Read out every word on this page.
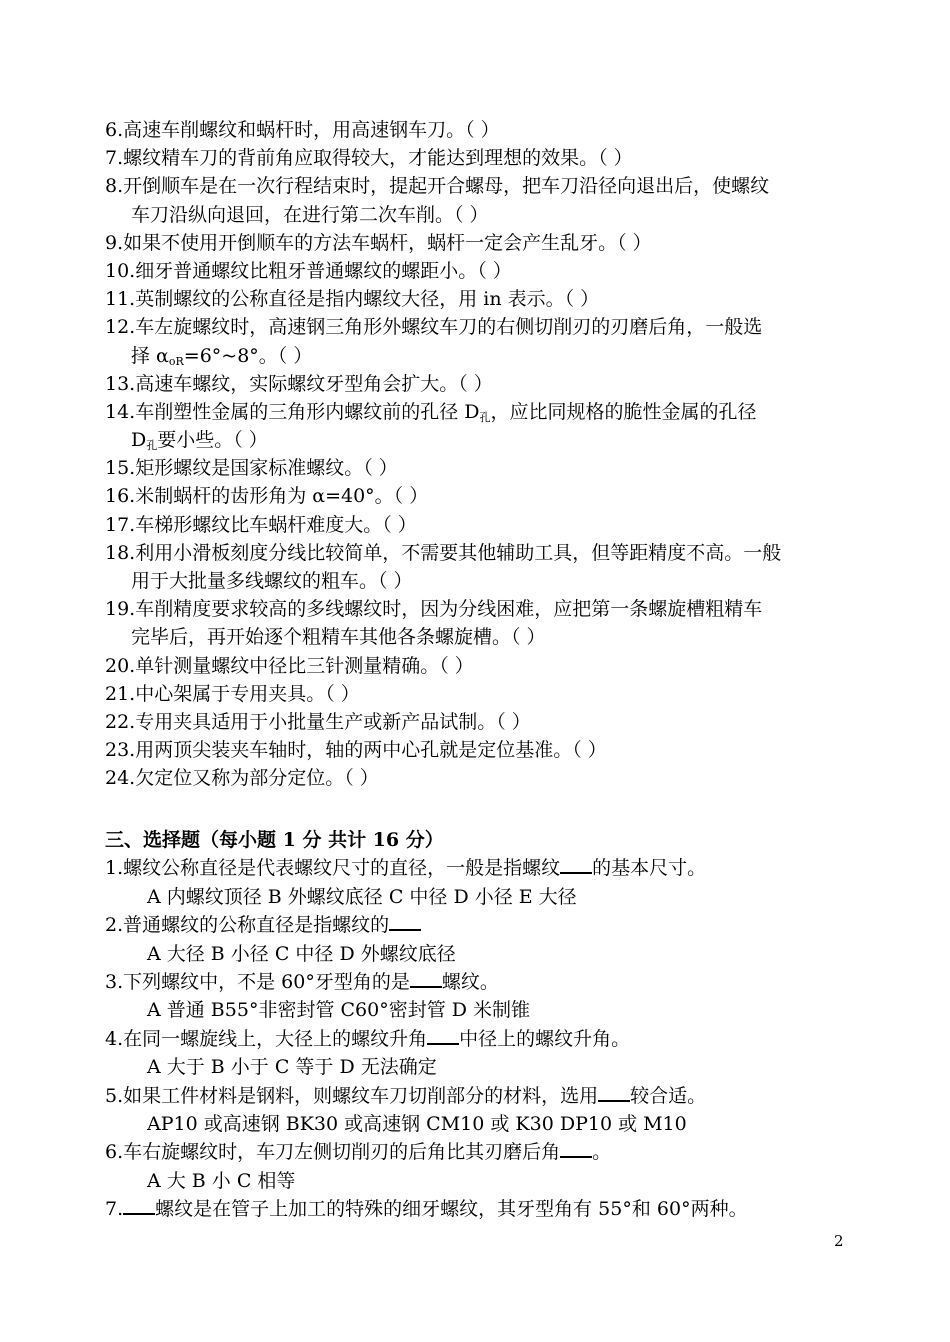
6.高速车削螺纹和蜗杆时，用高速钢车刀。（ ）
7.螺纹精车刀的背前角应取得较大，才能达到理想的效果。（ ）
8.开倒顺车是在一次行程结束时，提起开合螺母，把车刀沿径向退出后，使螺纹
车刀沿纵向退回，在进行第二次车削。（ ）
9.如果不使用开倒顺车的方法车蜗杆，蜗杆一定会产生乱牙。（ ）
10.细牙普通螺纹比粗牙普通螺纹的螺距小。（ ）
11.英制螺纹的公称直径是指内螺纹大径，用 in 表示。（ ）
12.车左旋螺纹时，高速钢三角形外螺纹车刀的右侧切削刃的刃磨后角，一般选
择 $\alpha_{oR}=6^\circ\sim 8^\circ$。（ ）
13.高速车螺纹，实际螺纹牙型角会扩大。（ ）
14.车削塑性金属的三角形内螺纹前的孔径 $D_孔$，应比同规格的脆性金属的孔径
$D_孔$要小些。（ ）
15.矩形螺纹是国家标准螺纹。（ ）
16.米制蜗杆的齿形角为 α=40°。（ ）
17.车梯形螺纹比车蜗杆难度大。（ ）
18.利用小滑板刻度分线比较简单，不需要其他辅助工具，但等距精度不高。一般
用于大批量多线螺纹的粗车。（ ）
19.车削精度要求较高的多线螺纹时，因为分线困难，应把第一条螺旋槽粗精车
完毕后，再开始逐个粗精车其他各条螺旋槽。（ ）
20.单针测量螺纹中径比三针测量精确。（ ）
21.中心架属于专用夹具。（ ）
22.专用夹具适用于小批量生产或新产品试制。（ ）
23.用两顶尖装夹车轴时，轴的两中心孔就是定位基准。（ ）
24.欠定位又称为部分定位。（ ）
三、选择题（每小题 1 分 共计 16 分）
1.螺纹公称直径是代表螺纹尺寸的直径，一般是指螺纹 的基本尺寸。
A 内螺纹顶径 B 外螺纹底径 C 中径 D 小径 E 大径
2.普通螺纹的公称直径是指螺纹的
A 大径 B 小径 C 中径 D 外螺纹底径
3.下列螺纹中，不是 60°牙型角的是 螺纹。
A 普通 B55°非密封管 C60°密封管 D 米制锥
4.在同一螺旋线上，大径上的螺纹升角 中径上的螺纹升角。
A 大于 B 小于 C 等于 D 无法确定
5.如果工件材料是钢料，则螺纹车刀切削部分的材料，选用 较合适。
AP10 或高速钢 BK30 或高速钢 CM10 或 K30 DP10 或 M10
6.车右旋螺纹时，车刀左侧切削刃的后角比其刃磨后角 。
A 大 B 小 C 相等
7. 螺纹是在管子上加工的特殊的细牙螺纹，其牙型角有 55°和 60°两种。
2
